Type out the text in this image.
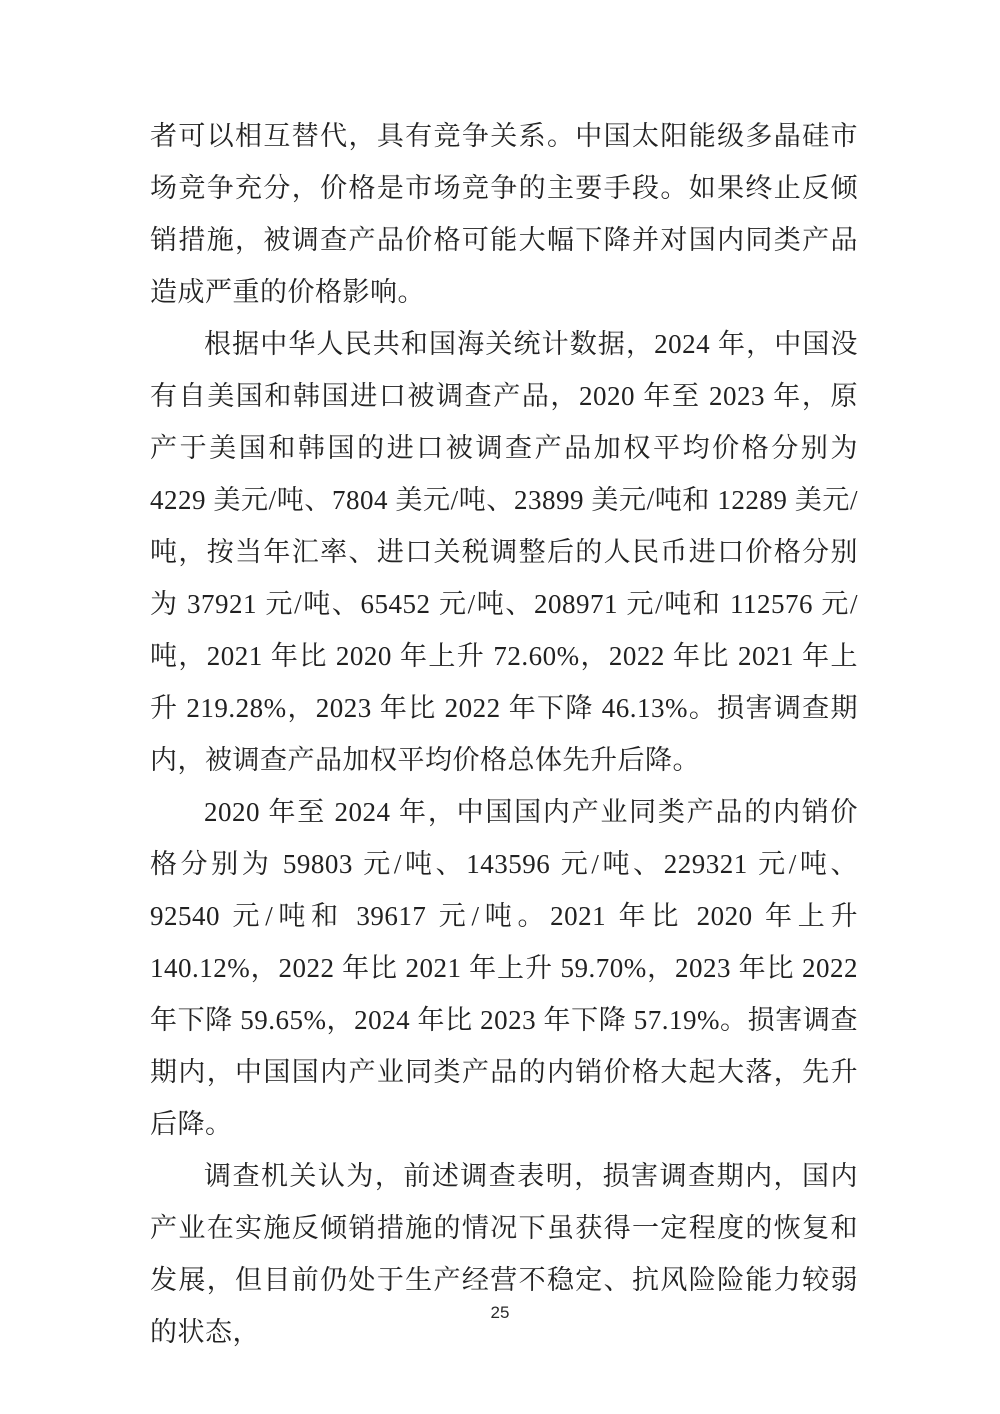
者可以相互替代，具有竞争关系。中国太阳能级多晶硅市场竞争充分，价格是市场竞争的主要手段。如果终止反倾销措施，被调查产品价格可能大幅下降并对国内同类产品造成严重的价格影响。

根据中华人民共和国海关统计数据，2024 年，中国没有自美国和韩国进口被调查产品，2020 年至 2023 年，原产于美国和韩国的进口被调查产品加权平均价格分别为 4229 美元/吨、7804 美元/吨、23899 美元/吨和 12289 美元/吨，按当年汇率、进口关税调整后的人民币进口价格分别为 37921 元/吨、65452 元/吨、208971 元/吨和 112576 元/吨，2021 年比 2020 年上升 72.60%，2022 年比 2021 年上升 219.28%，2023 年比 2022 年下降 46.13%。损害调查期内，被调查产品加权平均价格总体先升后降。

2020 年至 2024 年，中国国内产业同类产品的内销价格分别为 59803 元/吨、143596 元/吨、229321 元/吨、92540 元/吨和 39617 元/吨。2021 年比 2020 年上升 140.12%，2022 年比 2021 年上升 59.70%，2023 年比 2022 年下降 59.65%，2024 年比 2023 年下降 57.19%。损害调查期内，中国国内产业同类产品的内销价格大起大落，先升后降。

调查机关认为，前述调查表明，损害调查期内，国内产业在实施反倾销措施的情况下虽获得一定程度的恢复和发展，但目前仍处于生产经营不稳定、抗风险险能力较弱的状态，

25
